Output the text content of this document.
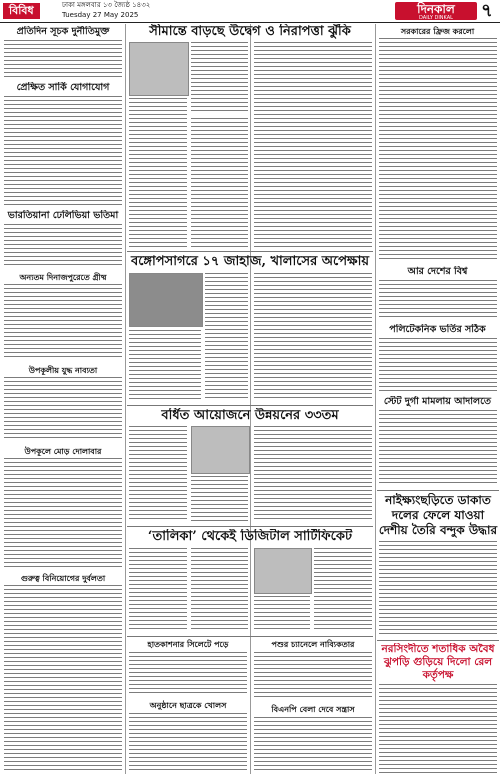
বিবিধ	ঢাকা মঙ্গলবার ১৩ জ্যৈষ্ঠ ১৪৩২
Tuesday 27 May 2025	দিনকাল
DAILY DINKAL	৭
প্রতিদিন সূচক দুর্নীতিমুক্ত
প্রেক্ষিত সার্কি যোগাযোগ
ভারতিয়ানা ঢেলিভিয়া ভতিমা
অন্যতম দিনাজপুরেতে গ্রীষ্ম
উপকূলীয় যুদ্ধ নাব্যতা
উপকূলে মোড় দোলাবার
গুরুত্ব বিনিয়োগের দুর্বলতা
সীমান্তে বাড়ছে উদ্বেগ ও নিরাপত্তা ঝুঁকি
বঙ্গোপসাগরে ১৭ জাহাজ, খালাসের অপেক্ষায়
বর্ধিত আয়োজনে উন্নয়নের ৩৩তম
‘তালিকা’ থেকেই ডিজিটাল সার্টিফিকেট
হাতকাশনার সিলেটে পড়ে
অনুষ্ঠানে ছাত্রকে খোলস
পশুর চ্যানেলে নাব্যিকতার
বিএনপি বেলা দেবে সন্ত্রাস
সরকারের ফ্রিজ করলো
আর দেশের বিশ্ব
পলিটেকনিক ভর্তির সঠিক
স্টেট দুর্গা মামলায় আদালতে
নাইক্ষ্যংছড়িতে ডাকাত দলের ফেলে যাওয়া দেশীয় তৈরি বন্দুক উদ্ধার
নরসিংদীতে শতাধিক অবৈধ ঝুপড়ি গুড়িয়ে দিলো রেল কর্তৃপক্ষ
